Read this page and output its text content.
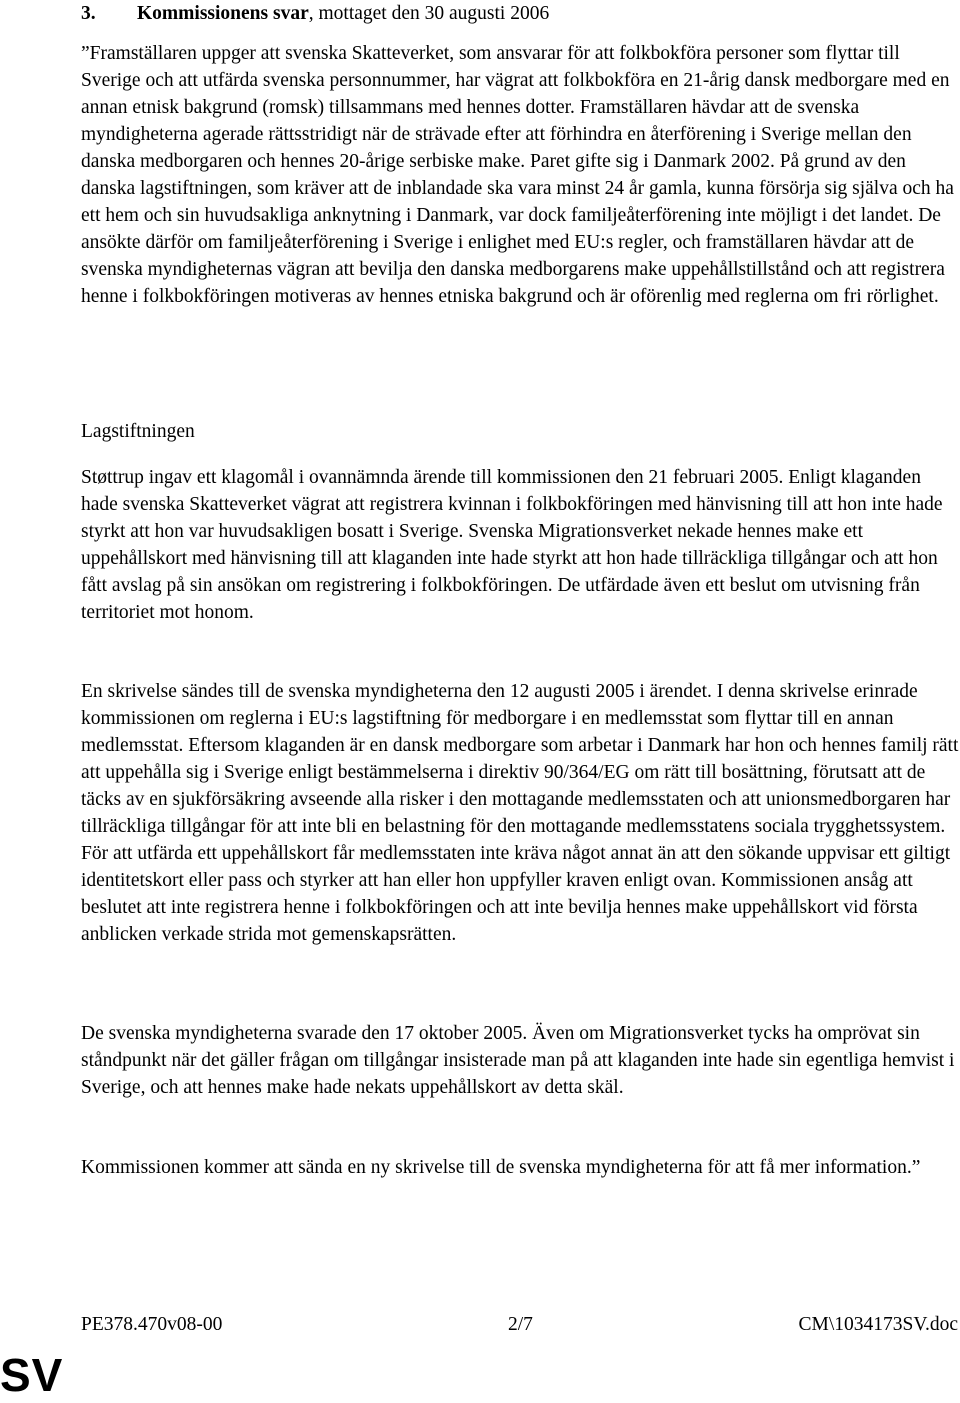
3. Kommissionens svar, mottaget den 30 augusti 2006

”Framställaren uppger att svenska Skatteverket, som ansvarar för att folkbokföra personer som flyttar till Sverige och att utfärda svenska personnummer, har vägrat att folkbokföra en 21-årig dansk medborgare med en annan etnisk bakgrund (romsk) tillsammans med hennes dotter. Framställaren hävdar att de svenska myndigheterna agerade rättsstridigt när de strävade efter att förhindra en återförening i Sverige mellan den danska medborgaren och hennes 20-årige serbiske make. Paret gifte sig i Danmark 2002. På grund av den danska lagstiftningen, som kräver att de inblandade ska vara minst 24 år gamla, kunna försörja sig själva och ha ett hem och sin huvudsakliga anknytning i Danmark, var dock familjeåterförening inte möjligt i det landet. De ansökte därför om familjeåterförening i Sverige i enlighet med EU:s regler, och framställaren hävdar att de svenska myndigheternas vägran att bevilja den danska medborgarens make uppehållstillstånd och att registrera henne i folkbokföringen motiveras av hennes etniska bakgrund och är oförenlig med reglerna om fri rörlighet.

Lagstiftningen

Støttrup ingav ett klagomål i ovannämnda ärende till kommissionen den 21 februari 2005. Enligt klaganden hade svenska Skatteverket vägrat att registrera kvinnan i folkbokföringen med hänvisning till att hon inte hade styrkt att hon var huvudsakligen bosatt i Sverige. Svenska Migrationsverket nekade hennes make ett uppehållskort med hänvisning till att klaganden inte hade styrkt att hon hade tillräckliga tillgångar och att hon fått avslag på sin ansökan om registrering i folkbokföringen. De utfärdade även ett beslut om utvisning från territoriet mot honom.

En skrivelse sändes till de svenska myndigheterna den 12 augusti 2005 i ärendet. I denna skrivelse erinrade kommissionen om reglerna i EU:s lagstiftning för medborgare i en medlemsstat som flyttar till en annan medlemsstat. Eftersom klaganden är en dansk medborgare som arbetar i Danmark har hon och hennes familj rätt att uppehålla sig i Sverige enligt bestämmelserna i direktiv 90/364/EG om rätt till bosättning, förutsatt att de täcks av en sjukförsäkring avseende alla risker i den mottagande medlemsstaten och att unionsmedborgaren har tillräckliga tillgångar för att inte bli en belastning för den mottagande medlemsstatens sociala trygghetssystem. För att utfärda ett uppehållskort får medlemsstaten inte kräva något annat än att den sökande uppvisar ett giltigt identitetskort eller pass och styrker att han eller hon uppfyller kraven enligt ovan. Kommissionen ansåg att beslutet att inte registrera henne i folkbokföringen och att inte bevilja hennes make uppehållskort vid första anblicken verkade strida mot gemenskapsrätten.

De svenska myndigheterna svarade den 17 oktober 2005. Även om Migrationsverket tycks ha omprövat sin ståndpunkt när det gäller frågan om tillgångar insisterade man på att klaganden inte hade sin egentliga hemvist i Sverige, och att hennes make hade nekats uppehållskort av detta skäl.

Kommissionen kommer att sända en ny skrivelse till de svenska myndigheterna för att få mer information.”

PE378.470v08-00	2/7	CM\1034173SV.doc
SV
